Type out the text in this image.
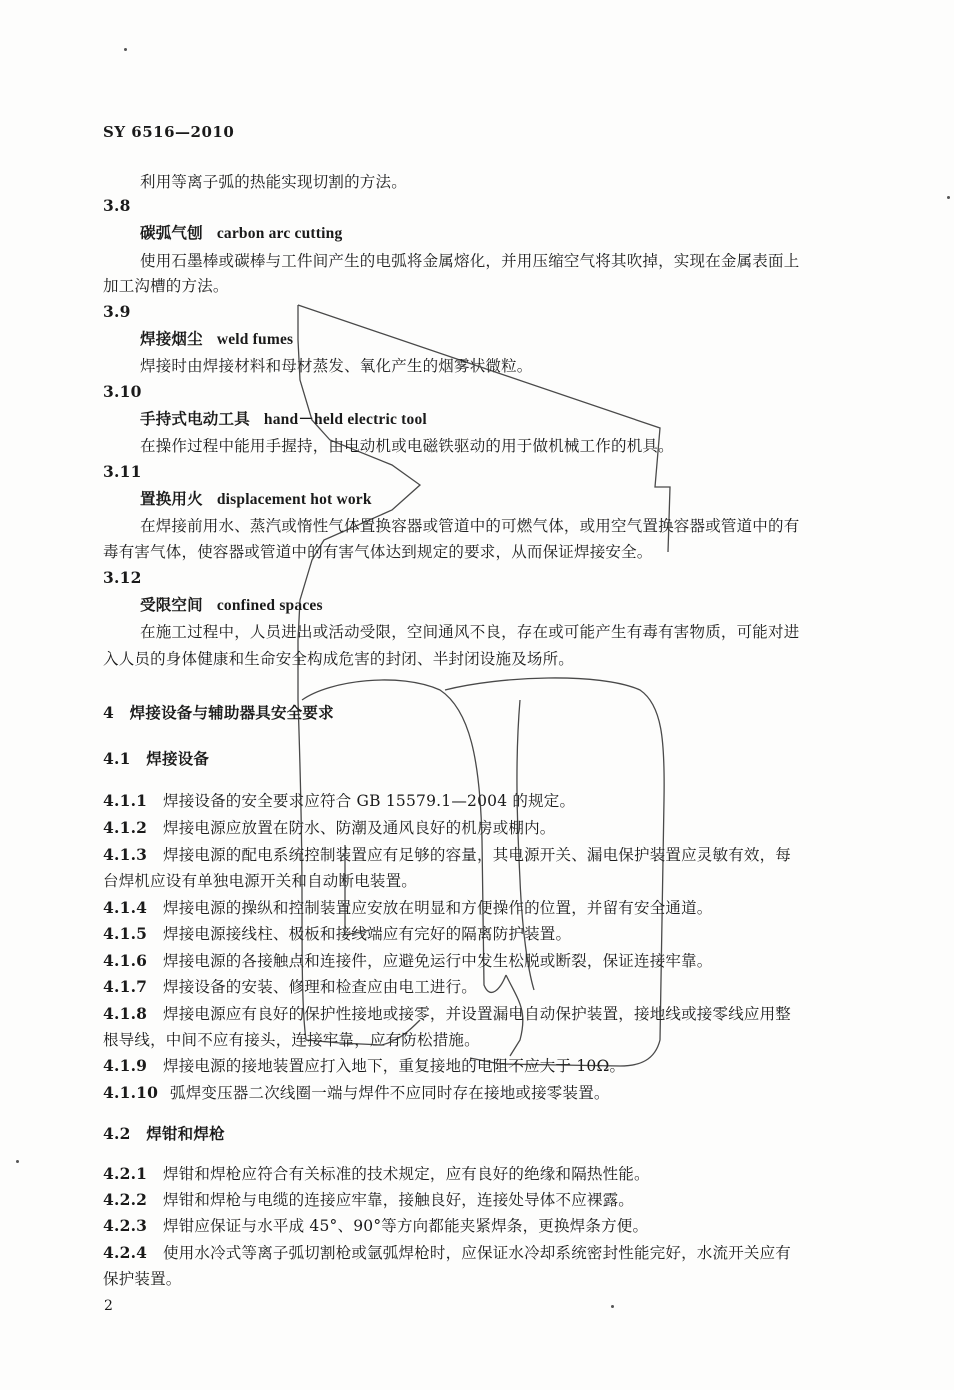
SY 6516—2010
利用等离子弧的热能实现切割的方法。
3.8
碳弧气刨 carbon arc cutting
使用石墨棒或碳棒与工件间产生的电弧将金属熔化，并用压缩空气将其吹掉，实现在金属表面上
加工沟槽的方法。
3.9
焊接烟尘 weld fumes
焊接时由焊接材料和母材蒸发、氧化产生的烟雾状微粒。
3.10
手持式电动工具 hand－held electric tool
在操作过程中能用手握持，由电动机或电磁铁驱动的用于做机械工作的机具。
3.11
置换用火 displacement hot work
在焊接前用水、蒸汽或惰性气体置换容器或管道中的可燃气体，或用空气置换容器或管道中的有
毒有害气体，使容器或管道中的有害气体达到规定的要求，从而保证焊接安全。
3.12
受限空间 confined spaces
在施工过程中，人员进出或活动受限，空间通风不良，存在或可能产生有毒有害物质，可能对进
入人员的身体健康和生命安全构成危害的封闭、半封闭设施及场所。
4　焊接设备与辅助器具安全要求
4.1　焊接设备
4.1.1 焊接设备的安全要求应符合 GB 15579.1—2004 的规定。
4.1.2 焊接电源应放置在防水、防潮及通风良好的机房或棚内。
4.1.3 焊接电源的配电系统控制装置应有足够的容量，其电源开关、漏电保护装置应灵敏有效，每
台焊机应设有单独电源开关和自动断电装置。
4.1.4 焊接电源的操纵和控制装置应安放在明显和方便操作的位置，并留有安全通道。
4.1.5 焊接电源接线柱、极板和接线端应有完好的隔离防护装置。
4.1.6 焊接电源的各接触点和连接件，应避免运行中发生松脱或断裂，保证连接牢靠。
4.1.7 焊接设备的安装、修理和检查应由电工进行。
4.1.8 焊接电源应有良好的保护性接地或接零，并设置漏电自动保护装置，接地线或接零线应用整
根导线，中间不应有接头，连接牢靠，应有防松措施。
4.1.9 焊接电源的接地装置应打入地下，重复接地的电阻不应大于 10Ω。
4.1.10 弧焊变压器二次线圈一端与焊件不应同时存在接地或接零装置。
4.2　焊钳和焊枪
4.2.1 焊钳和焊枪应符合有关标准的技术规定，应有良好的绝缘和隔热性能。
4.2.2 焊钳和焊枪与电缆的连接应牢靠，接触良好，连接处导体不应裸露。
4.2.3 焊钳应保证与水平成 45°、90°等方向都能夹紧焊条，更换焊条方便。
4.2.4 使用水冷式等离子弧切割枪或氩弧焊枪时，应保证水冷却系统密封性能完好，水流开关应有
保护装置。
2
